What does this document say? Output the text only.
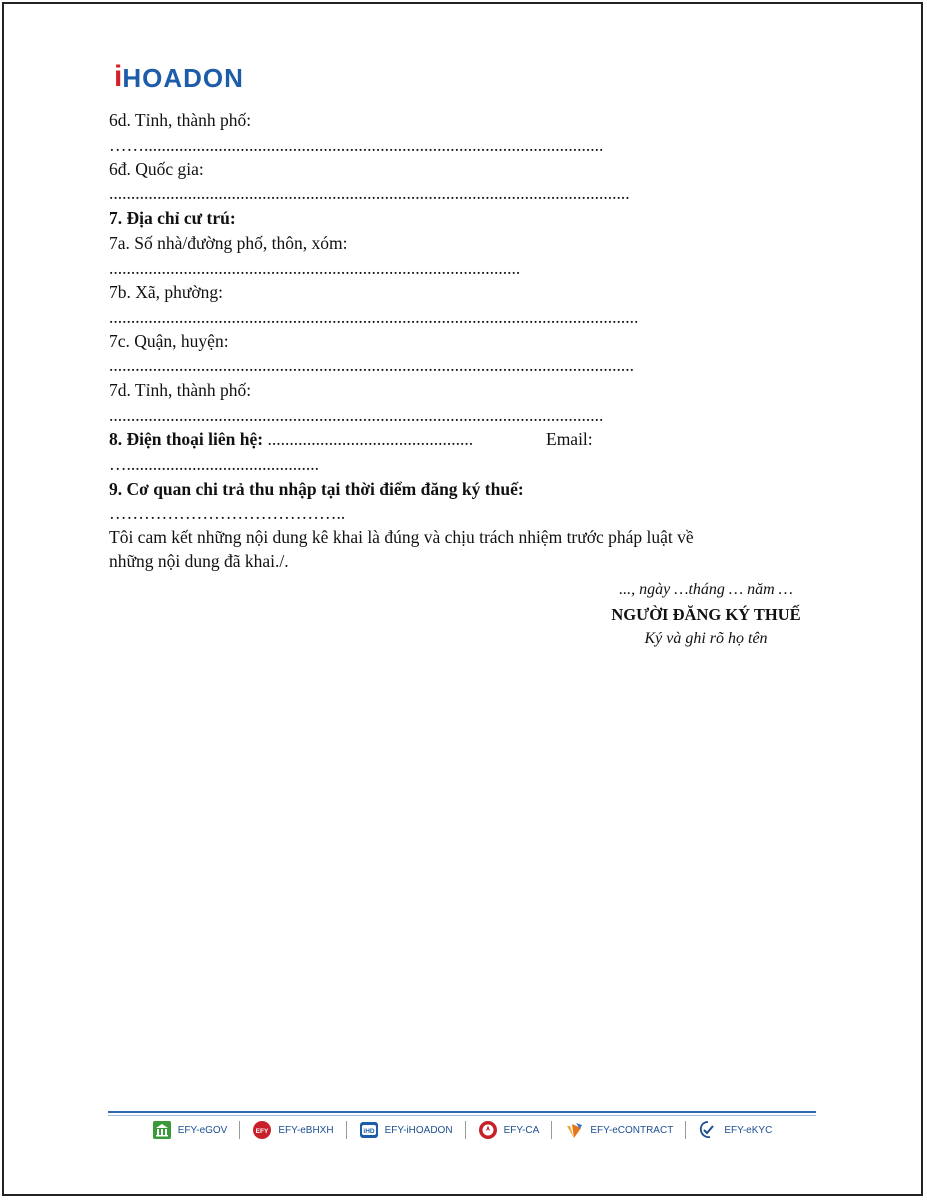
i HOADON
6d. Tỉnh, thành phố:
…….........................................................................................................
6đ. Quốc gia:
.......................................................................................................................
7. Địa chỉ cư trú:
7a. Số nhà/đường phố, thôn, xóm:
..............................................................................................
7b. Xã, phường:
.........................................................................................................................
7c. Quận, huyện:
........................................................................................................................
7d. Tỉnh, thành phố:
.................................................................................................................
8. Điện thoại liên hệ: ...............................................	Email:
…............................................
9. Cơ quan chi trả thu nhập tại thời điểm đăng ký thuế:
…………………………………..
Tôi cam kết những nội dung kê khai là đúng và chịu trách nhiệm trước pháp luật về
những nội dung đã khai./.
..., ngày …tháng … năm …
NGƯỜI ĐĂNG KÝ THUẾ
Ký và ghi rõ họ tên
EFY-eGOV	EFY EFY-eBHXH	iHD EFY-iHOADON	EFY-CA	EFY-eCONTRACT	EFY-eKYC
